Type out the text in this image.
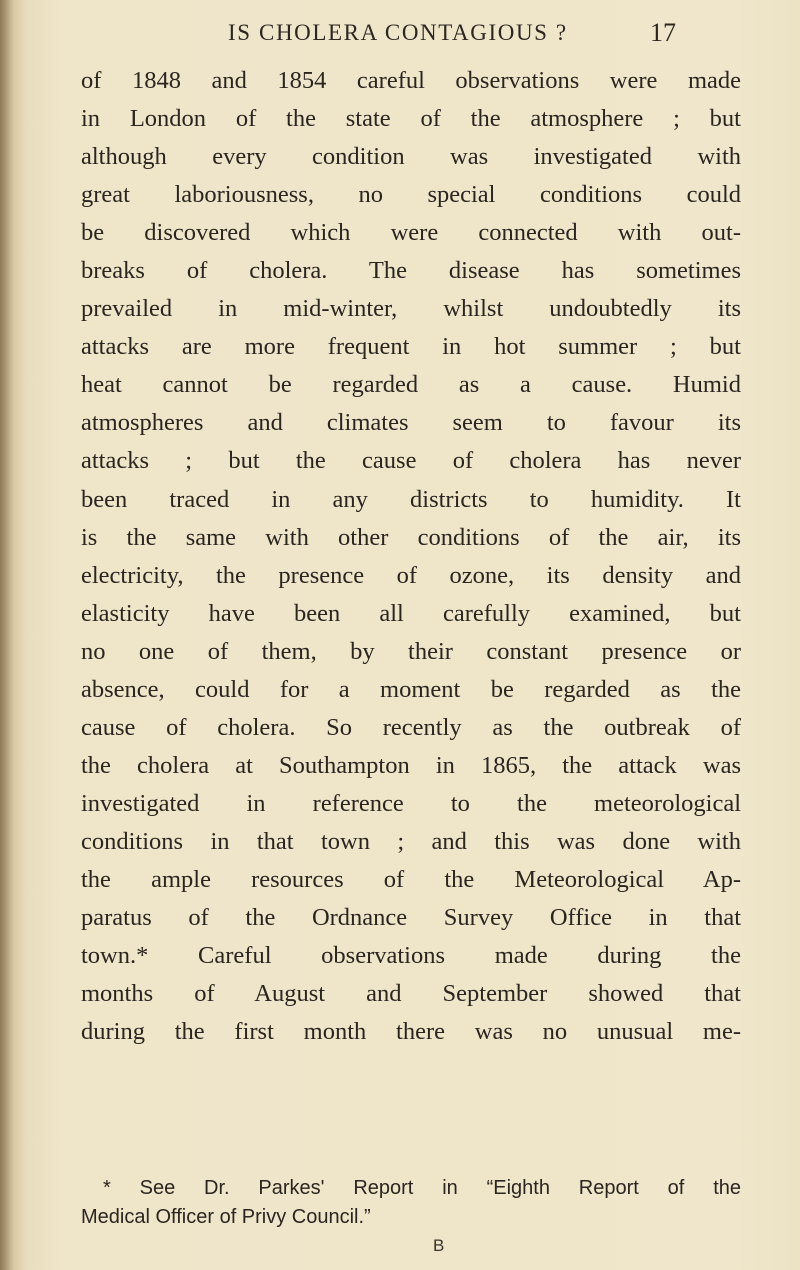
IS CHOLERA CONTAGIOUS ?	17
of 1848 and 1854 careful observations were made
in London of the state of the atmosphere ; but
although every condition was investigated with
great laboriousness, no special conditions could
be discovered which were connected with out-
breaks of cholera. The disease has sometimes
prevailed in mid-winter, whilst undoubtedly its
attacks are more frequent in hot summer ; but
heat cannot be regarded as a cause. Humid
atmospheres and climates seem to favour its
attacks ; but the cause of cholera has never
been traced in any districts to humidity. It
is the same with other conditions of the air, its
electricity, the presence of ozone, its density and
elasticity have been all carefully examined, but
no one of them, by their constant presence or
absence, could for a moment be regarded as the
cause of cholera. So recently as the outbreak of
the cholera at Southampton in 1865, the attack was
investigated in reference to the meteorological
conditions in that town ; and this was done with
the ample resources of the Meteorological Ap-
paratus of the Ordnance Survey Office in that
town.* Careful observations made during the
months of August and September showed that
during the first month there was no unusual me-
* See Dr. Parkes' Report in “Eighth Report of the
Medical Officer of Privy Council.”
B
